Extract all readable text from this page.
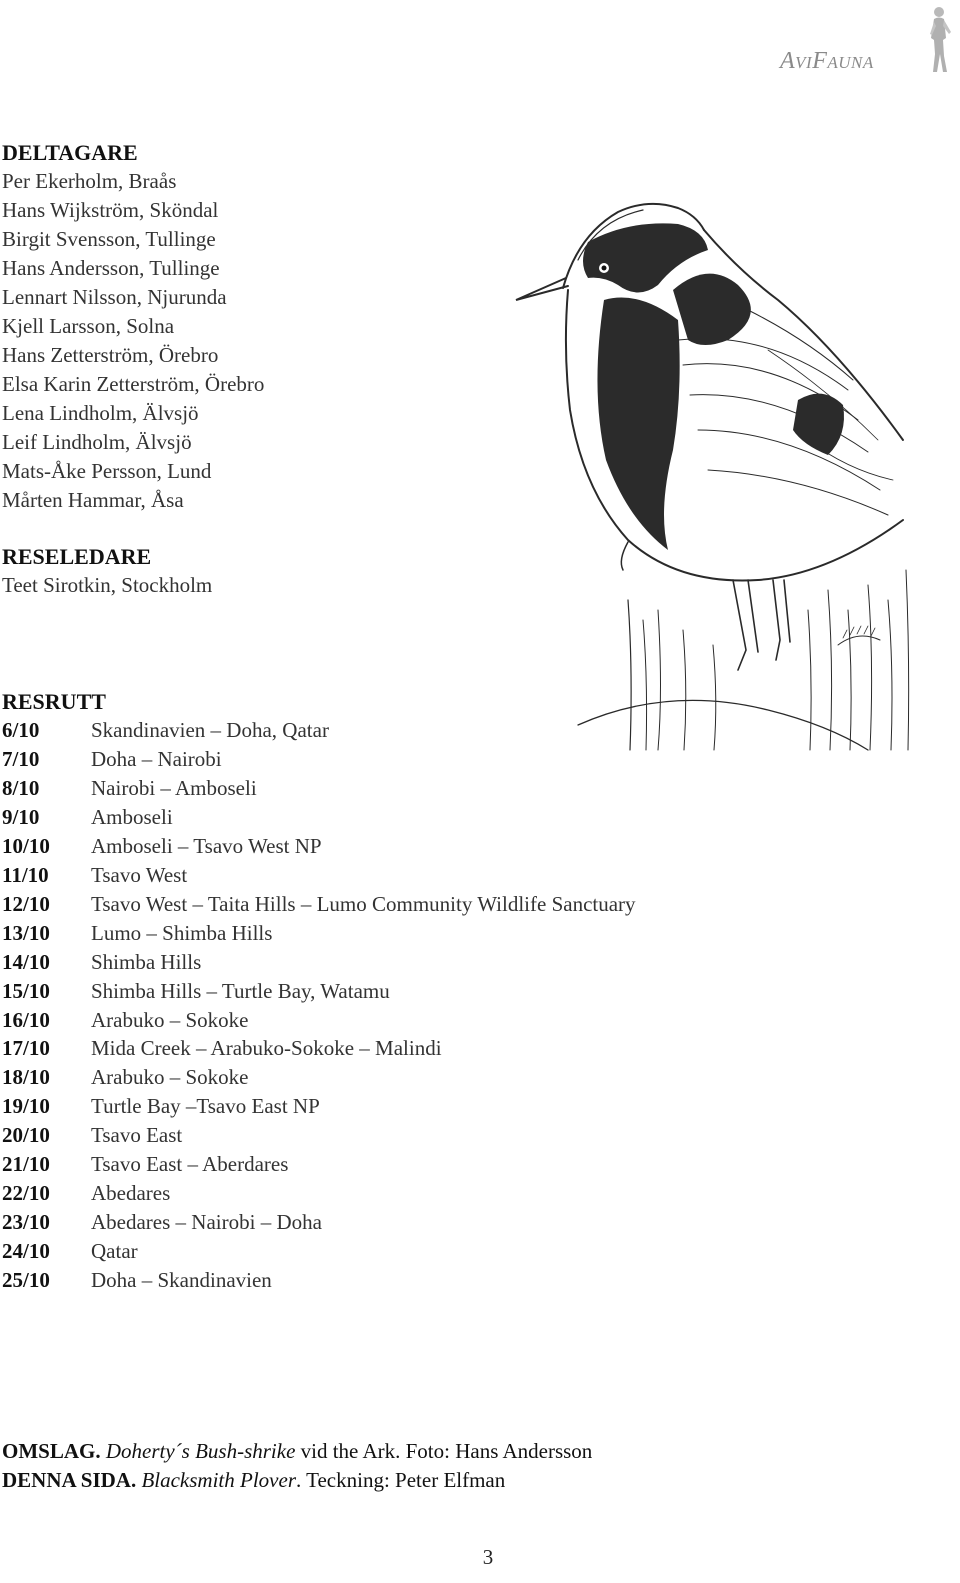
AviFauna
DELTAGARE
Per Ekerholm, Braås
Hans Wijkström, Sköndal
Birgit Svensson, Tullinge
Hans Andersson, Tullinge
Lennart Nilsson, Njurunda
Kjell Larsson, Solna
Hans Zetterström, Örebro
Elsa Karin Zetterström, Örebro
Lena Lindholm, Älvsjö
Leif Lindholm, Älvsjö
Mats-Åke Persson, Lund
Mårten Hammar, Åsa
RESELEDARE
Teet Sirotkin, Stockholm
RESRUTT
6/10	Skandinavien – Doha, Qatar
7/10	Doha – Nairobi
8/10	Nairobi – Amboseli
9/10	Amboseli
10/10	Amboseli – Tsavo West NP
11/10	Tsavo West
12/10	Tsavo West – Taita Hills – Lumo Community Wildlife Sanctuary
13/10	Lumo – Shimba Hills
14/10	Shimba Hills
15/10	Shimba Hills – Turtle Bay, Watamu
16/10	Arabuko – Sokoke
17/10	Mida Creek – Arabuko-Sokoke – Malindi
18/10	Arabuko – Sokoke
19/10	Turtle Bay –Tsavo East NP
20/10	Tsavo East
21/10	Tsavo East – Aberdares
22/10	Abedares
23/10	Abedares – Nairobi – Doha
24/10	Qatar
25/10	Doha – Skandinavien
OMSLAG. Doherty´s Bush-shrike vid the Ark. Foto: Hans Andersson
DENNA SIDA. Blacksmith Plover. Teckning: Peter Elfman
3
